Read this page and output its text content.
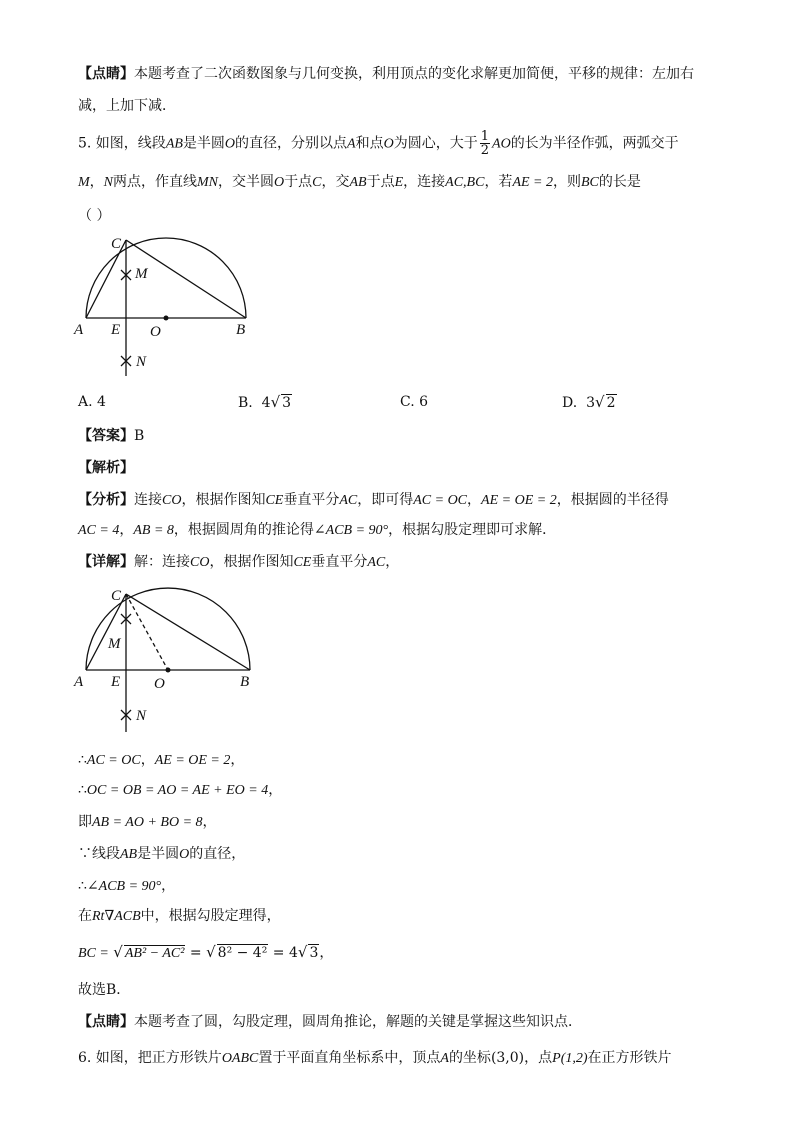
【点睛】本题考查了二次函数图象与几何变换，利用顶点的变化求解更加简便，平移的规律：左加右
减，上加下减．
5. 如图，线段AB是半圆O的直径，分别以点A和点O为圆心，大于 $\frac{1}{2}$ AO的长为半径作弧，两弧交于
M，N两点，作直线MN，交半圆O于点C，交AB于点E，连接AC,BC，若AE = 2，则BC的长是
（ ）
C
M
A E O	B
N
A. 4	B. 4√ 3	C. 6	D. 3√ 2
【答案】B
【解析】
【分析】连接CO，根据作图知CE垂直平分AC，即可得AC = OC，AE = OE = 2，根据圆的半径得
AC = 4，AB = 8，根据圆周角的推论得∠ACB = 90°，根据勾股定理即可求解．
【详解】解：连接CO，根据作图知CE垂直平分AC，
C
M
A E O	B
N
∴AC = OC，AE = OE = 2，
∴OC = OB = AO = AE + EO = 4，
即AB = AO + BO = 8，
∵线段AB是半圆O的直径，
∴∠ACB = 90°，
在Rt∇ACB中，根据勾股定理得，
BC = √ AB² − AC² = √ 8² − 4² = 4√ 3，
故选B．
【点睛】本题考查了圆，勾股定理，圆周角推论，解题的关键是掌握这些知识点．
6. 如图，把正方形铁片OABC置于平面直角坐标系中，顶点A的坐标(3,0)，点P(1,2)在正方形铁片
